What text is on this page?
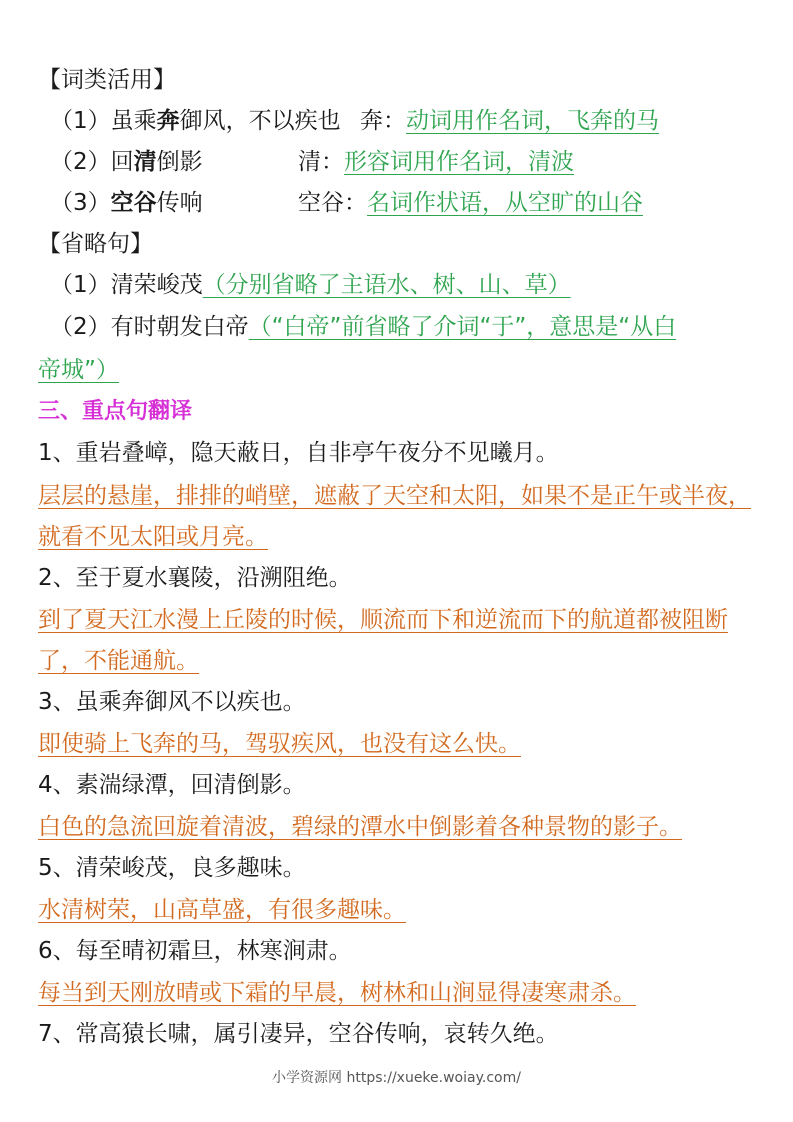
【词类活用】
（1）虽乘奔御风，不以疾也 奔：动词用作名词，飞奔的马
（2）回清倒影	清：形容词用作名词，清波
（3）空谷传响	空谷：名词作状语，从空旷的山谷
【省略句】
（1）清荣峻茂（分别省略了主语水、树、山、草）
（2）有时朝发白帝（“白帝”前省略了介词“于”，意思是“从白
帝城”）
三、重点句翻译
1、重岩叠嶂，隐天蔽日，自非亭午夜分不见曦月。
层层的悬崖，排排的峭壁，遮蔽了天空和太阳，如果不是正午或半夜，
就看不见太阳或月亮。
2、至于夏水襄陵，沿溯阻绝。
到了夏天江水漫上丘陵的时候，顺流而下和逆流而下的航道都被阻断
了，不能通航。
3、虽乘奔御风不以疾也。
即使骑上飞奔的马，驾驭疾风，也没有这么快。
4、素湍绿潭，回清倒影。
白色的急流回旋着清波，碧绿的潭水中倒影着各种景物的影子。
5、清荣峻茂，良多趣味。
水清树荣，山高草盛，有很多趣味。
6、每至晴初霜旦，林寒涧肃。
每当到天刚放晴或下霜的早晨，树林和山涧显得凄寒肃杀。
7、常高猿长啸，属引凄异，空谷传响，哀转久绝。
小学资源网 https://xueke.woiay.com/
